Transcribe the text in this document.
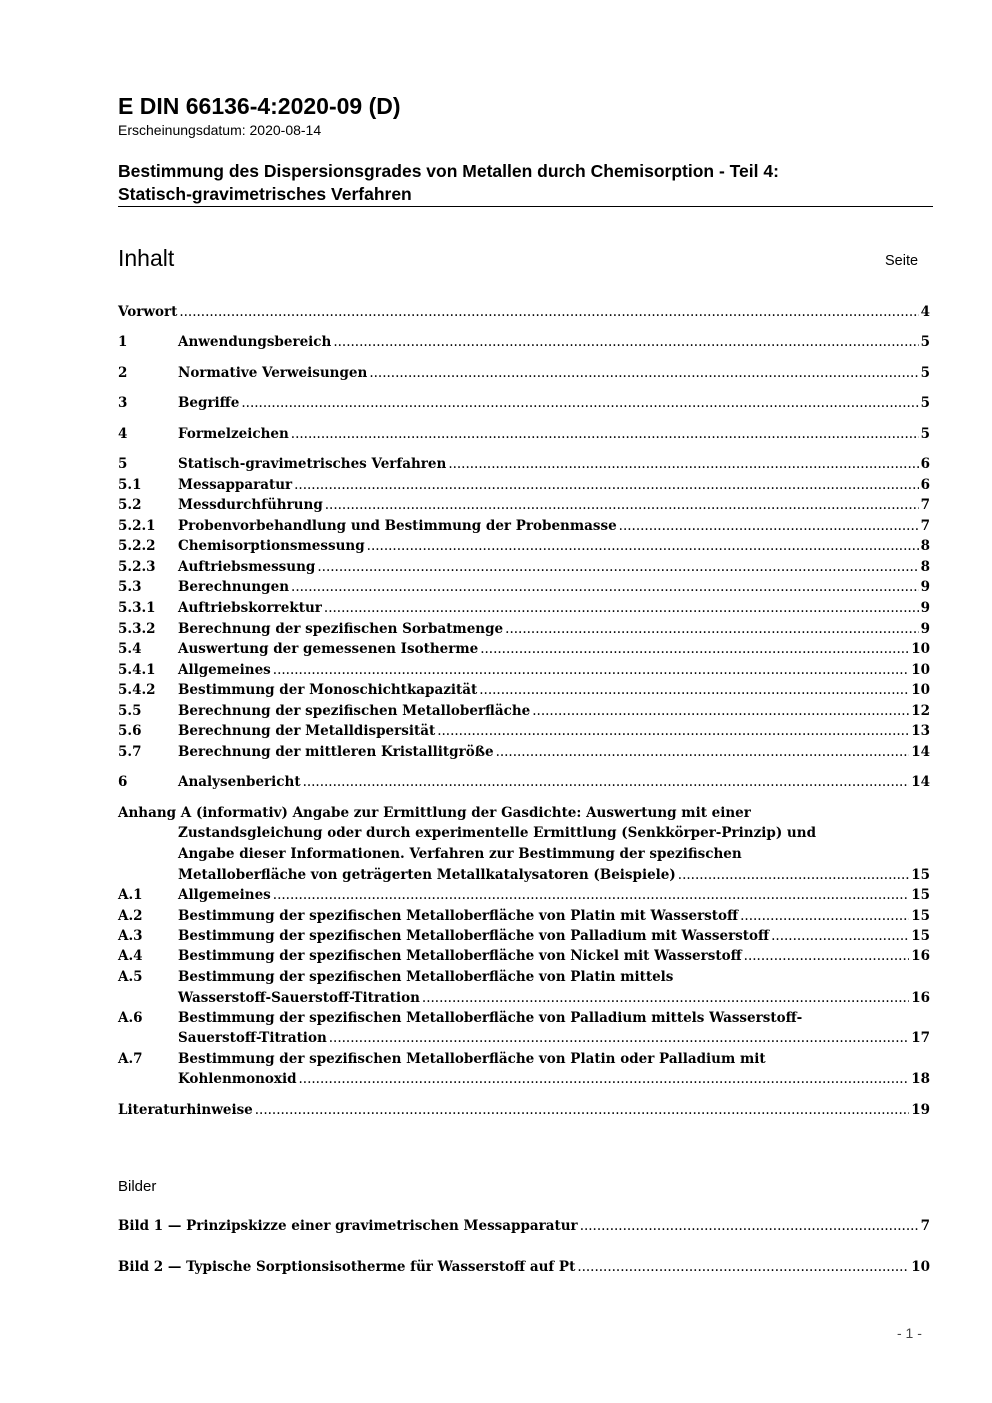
E DIN 66136-4:2020-09 (D)
Erscheinungsdatum: 2020-08-14
Bestimmung des Dispersionsgrades von Metallen durch Chemisorption - Teil 4:
Statisch-gravimetrisches Verfahren
Inhalt	Seite
Vorwort .....	4
1	Anwendungsbereich .....	5
2	Normative Verweisungen .....	5
3	Begriffe .....	5
4	Formelzeichen .....	5
5	Statisch-gravimetrisches Verfahren .....	6
5.1	Messapparatur .....	6
5.2	Messdurchführung .....	7
5.2.1	Probenvorbehandlung und Bestimmung der Probenmasse .....	7
5.2.2	Chemisorptionsmessung .....	8
5.2.3	Auftriebsmessung .....	8
5.3	Berechnungen .....	9
5.3.1	Auftriebskorrektur .....	9
5.3.2	Berechnung der spezifischen Sorbatmenge .....	9
5.4	Auswertung der gemessenen Isotherme .....	10
5.4.1	Allgemeines .....	10
5.4.2	Bestimmung der Monoschichtkapazität .....	10
5.5	Berechnung der spezifischen Metalloberfläche .....	12
5.6	Berechnung der Metalldispersität .....	13
5.7	Berechnung der mittleren Kristallitgröße .....	14
6	Analysenbericht .....	14
Anhang A (informativ) Angabe zur Ermittlung der Gasdichte: Auswertung mit einer
Zustandsgleichung oder durch experimentelle Ermittlung (Senkkörper-Prinzip) und
Angabe dieser Informationen. Verfahren zur Bestimmung der spezifischen
Metalloberfläche von geträgerten Metallkatalysatoren (Beispiele) .....	15
A.1	Allgemeines .....	15
A.2	Bestimmung der spezifischen Metalloberfläche von Platin mit Wasserstoff .....	15
A.3	Bestimmung der spezifischen Metalloberfläche von Palladium mit Wasserstoff .....	15
A.4	Bestimmung der spezifischen Metalloberfläche von Nickel mit Wasserstoff .....	16
A.5	Bestimmung der spezifischen Metalloberfläche von Platin mittels
Wasserstoff-Sauerstoff-Titration .....	16
A.6	Bestimmung der spezifischen Metalloberfläche von Palladium mittels Wasserstoff-
Sauerstoff-Titration .....	17
A.7	Bestimmung der spezifischen Metalloberfläche von Platin oder Palladium mit
Kohlenmonoxid .....	18
Literaturhinweise .....	19
Bild 1 — Prinzipskizze einer gravimetrischen Messapparatur .....	7
Bild 2 — Typische Sorptionsisotherme für Wasserstoff auf Pt .....	10
Bilder
- 1 -
